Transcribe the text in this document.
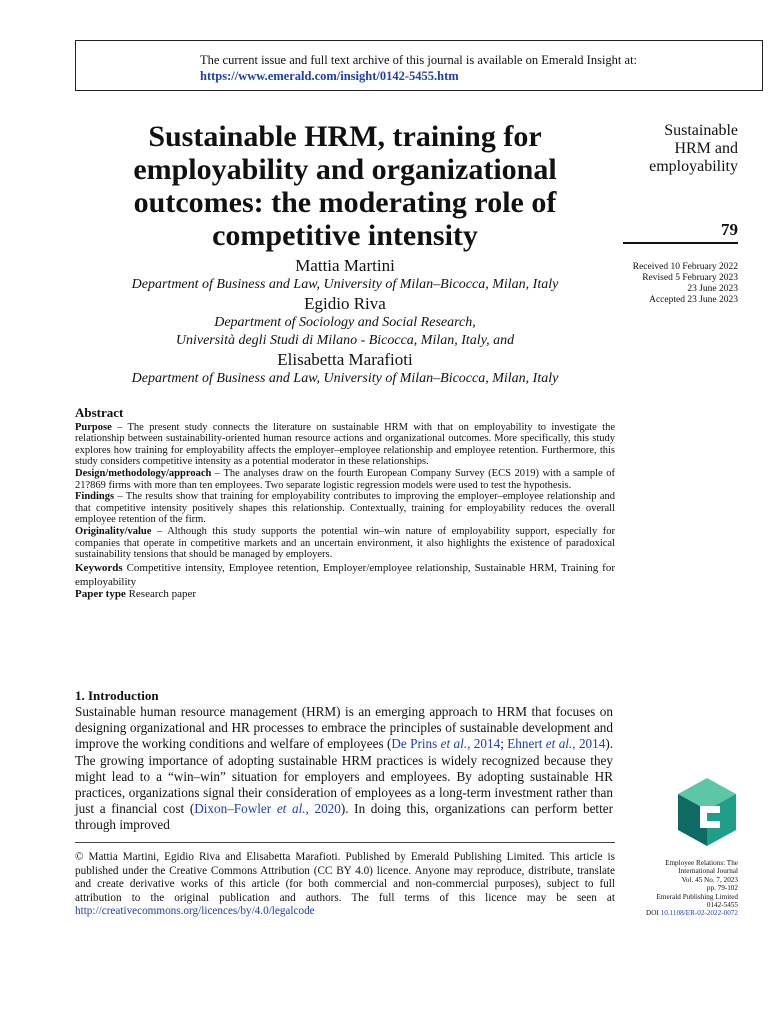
The current issue and full text archive of this journal is available on Emerald Insight at:
https://www.emerald.com/insight/0142-5455.htm
Sustainable HRM, training for employability and organizational outcomes: the moderating role of competitive intensity
Sustainable
HRM and
employability
79
Received 10 February 2022
Revised 5 February 2023
23 June 2023
Accepted 23 June 2023
Mattia Martini
Department of Business and Law, University of Milan–Bicocca, Milan, Italy
Egidio Riva
Department of Sociology and Social Research,
Università degli Studi di Milano - Bicocca, Milan, Italy, and
Elisabetta Marafioti
Department of Business and Law, University of Milan–Bicocca, Milan, Italy
Abstract

Purpose – The present study connects the literature on sustainable HRM with that on employability to investigate the relationship between sustainability-oriented human resource actions and organizational outcomes. More specifically, this study explores how training for employability affects the employer–employee relationship and employee retention. Furthermore, this study considers competitive intensity as a potential moderator in these relationships.

Design/methodology/approach – The analyses draw on the fourth European Company Survey (ECS 2019) with a sample of 21?869 firms with more than ten employees. Two separate logistic regression models were used to test the hypothesis.

Findings – The results show that training for employability contributes to improving the employer–employee relationship and that competitive intensity positively shapes this relationship. Contextually, training for employability reduces the overall employee retention of the firm.

Originality/value – Although this study supports the potential win–win nature of employability support, especially for companies that operate in competitive markets and an uncertain environment, it also highlights the existence of paradoxical sustainability tensions that should be managed by employers.

Keywords Competitive intensity, Employee retention, Employer/employee relationship, Sustainable HRM, Training for employability

Paper type Research paper

1. Introduction
Sustainable human resource management (HRM) is an emerging approach to HRM that focuses on designing organizational and HR processes to embrace the principles of sustainable development and improve the working conditions and welfare of employees (De Prins et al., 2014; Ehnert et al., 2014). The growing importance of adopting sustainable HRM practices is widely recognized because they might lead to a “win–win” situation for employers and employees. By adopting sustainable HR practices, organizations signal their consideration of employees as a long-term investment rather than just a financial cost (Dixon–Fowler et al., 2020). In doing this, organizations can perform better through improved
© Mattia Martini, Egidio Riva and Elisabetta Marafioti. Published by Emerald Publishing Limited. This article is published under the Creative Commons Attribution (CC BY 4.0) licence. Anyone may reproduce, distribute, translate and create derivative works of this article (for both commercial and non-commercial purposes), subject to full attribution to the original publication and authors. The full terms of this licence may be seen at http://creativecommons.org/licences/by/4.0/legalcode
Employee Relations: The
International Journal
Vol. 45 No. 7, 2023
pp. 79-102
Emerald Publishing Limited
0142-5455
DOI 10.1108/ER-02-2022-0072
